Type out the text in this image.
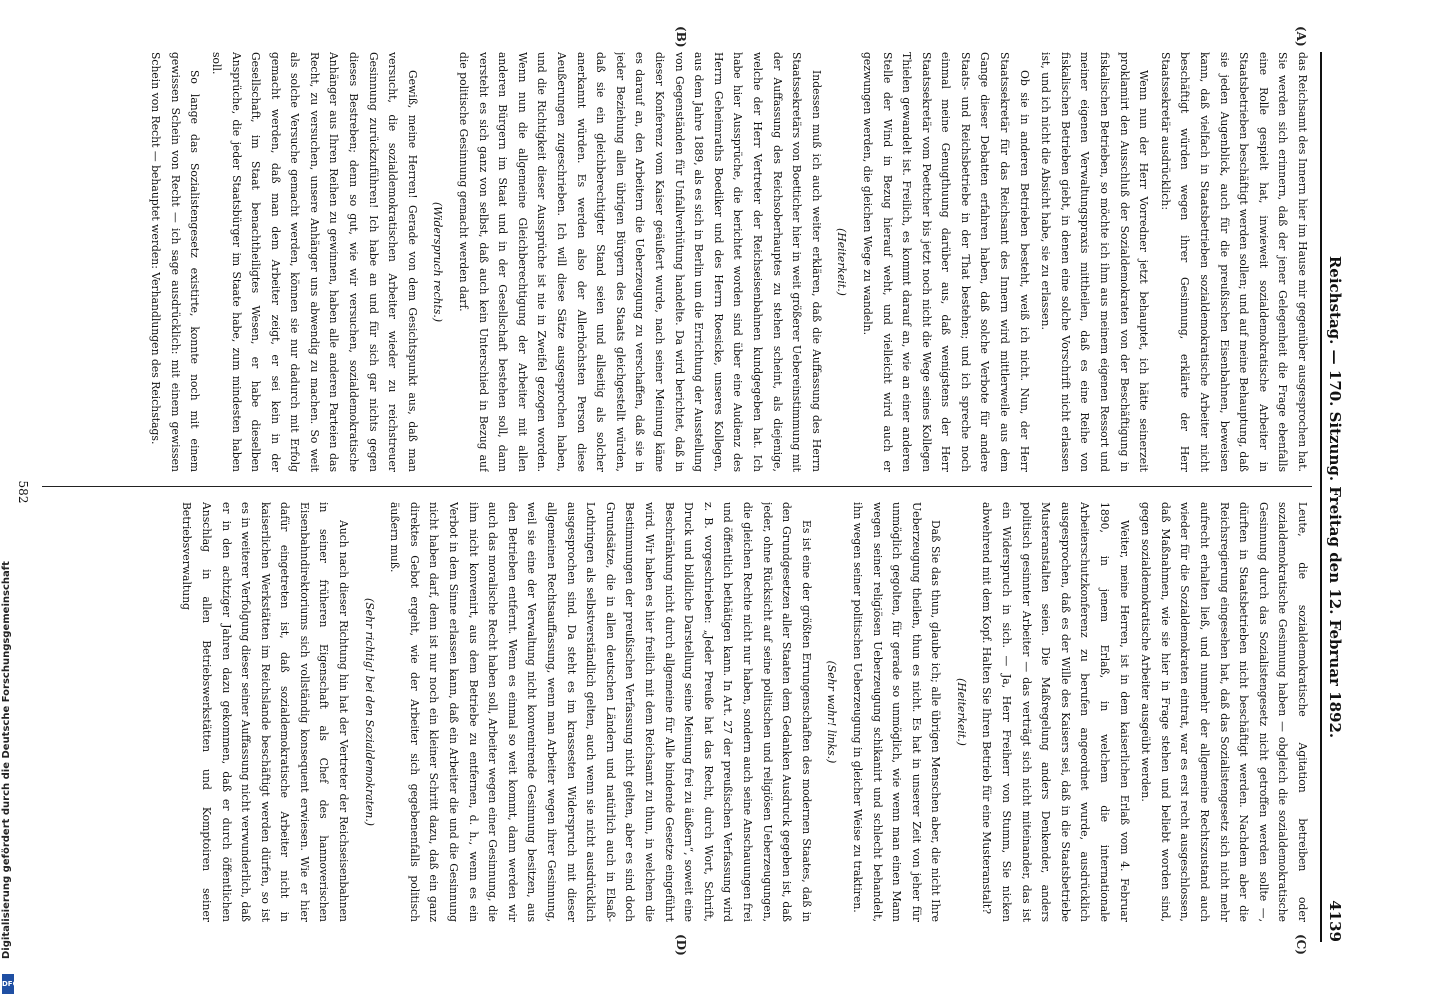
Reichstag. — 170. Sitzung. Freitag den 12. Februar 1892.
4139
(A)
(B)
(C)
(D)

das Reichsamt des Innern hier im Hause mir gegenüber ausgesprochen hat. Sie werden sich erinnern, daß der jener Gelegenheit die Frage ebenfalls eine Rolle gespielt hat, inwieweit sozialdemokratische Arbeiter in Staatsbetrieben beschäftigt werden sollen; und auf meine Behauptung, daß sie jeden Augenblick, auch für die preußischen Eisenbahnen, beweisen kann, daß vielfach in Staatsbetrieben sozialdemokratische Arbeiter nicht beschäftigt würden wegen ihrer Gesinnung, erklärte der Herr Staatssekretär ausdrücklich:

Wenn nun der Herr Vorredner jetzt behauptet, ich hätte seinerzeit proklamirt den Ausschluß der Sozialdemokraten von der Beschäftigung in fiskalischen Betrieben, so möchte ich ihm aus meinem eigenen Ressort und meiner eigenen Verwaltungspraxis mittheilen, daß es eine Reihe von fiskalischen Betrieben giebt, in denen eine solche Vorschrift nicht erlassen ist, und ich nicht die Absicht habe, sie zu erlassen.

Ob sie in anderen Betrieben besteht, weiß ich nicht. Nun, der Herr Staatssekretär für das Reichsamt des Innern wird mittlerweile aus dem Gange dieser Debatten erfahren haben, daß solche Verbote für andere Staats- und Reichsbetriebe in der That bestehen; und ich spreche noch einmal meine Genugthuung darüber aus, daß wenigstens der Herr Staatssekretär vom Poettcher bis jetzt noch nicht die Wege seines Kollegen Thielen gewandelt ist. Freilich, es kommt darauf an, wie an einer anderen Stelle der Wind in Bezug hierauf weht, und vielleicht wird auch er gezwungen werden, die gleichen Wege zu wandeln.

(Heiterkeit.)

Indessen muß ich auch weiter erklären, daß die Auffassung des Herrn Staatssekretärs von Boetticher hier in weit größerer Uebereinstimmung mit der Auffassung des Reichsoberhauptes zu stehen scheint, als diejenige, welche der Herr Vertreter der Reichseisenbahnen kundgegeben hat. Ich habe hier Aussprüche, die berichtet worden sind über eine Audienz des Herrn Geheimraths Boediker und des Herrn Roesicke, unseres Kollegen, aus dem Jahre 1889, als es sich in Berlin um die Errichtung der Ausstellung von Gegenständen für Unfallverhütung handelte. Da wird berichtet, daß in dieser Konferenz vom Kaiser geäußert wurde, nach seiner Meinung käme es darauf an, den Arbeitern die Ueberzeugung zu verschaffen, daß sie in jeder Beziehung allen übrigen Bürgern des Staats gleichgestellt würden, daß sie ein gleichberechtigter Stand seien und allseitig als solcher anerkannt würden. Es werden also der Allerhöchsten Person diese Aeußerungen zugeschrieben. Ich will diese Sätze ausgesprochen haben, und die Richtigkeit dieser Aussprüche ist nie in Zweifel gezogen worden. Wenn nun die allgemeine Gleichberechtigung der Arbeiter mit allen anderen Bürgern im Staat und in der Gesellschaft bestehen soll, dann versteht es sich ganz von selbst, daß auch kein Unterschied in Bezug auf die politische Gesinnung gemacht werden darf.

(Widerspruch rechts.)

Gewiß, meine Herren! Gerade von dem Gesichtspunkt aus, daß man versucht, die sozialdemokratischen Arbeiter wieder zu reichstreuer Gesinnung zurückzuführen! Ich habe an und für sich gar nichts gegen dieses Bestreben; denn so gut, wie wir versuchen, sozialdemokratische Anhänger aus Ihren Reihen zu gewinnen, haben alle anderen Parteien das Recht, zu versuchen, unsere Anhänger uns abwendig zu machen. So weit als solche Versuche gemacht werden, können sie nur dadurch mit Erfolg gemacht werden, daß man dem Arbeiter zeigt, er sei kein in der Gesellschaft, im Staat benachtheiligtes Wesen, er habe dieselben Ansprüche, die jeder Staatsbürger im Staate habe, zum mindesten haben soll.

So lange das Sozialistengesetz existirte, konnte noch mit einem gewissen Schein von Recht — ich sage ausdrücklich: mit einem gewissen Schein von Recht — behauptet werden: Verhandlungen des Reichstags.

Leute, die sozialdemokratische Agitation betreiben oder sozialdemokratische Gesinnung haben — obgleich die sozialdemokratische Gesinnung durch das Sozialistengesetz nicht getroffen werden sollte —, dürften in Staatsbetrieben nicht beschäftigt werden. Nachdem aber die Reichsregierung eingesehen hat, daß das Sozialistengesetz sich nicht mehr aufrecht erhalten ließ, und nunmehr der allgemeine Rechtszustand auch wieder für die Sozialdemokraten eintrat, war es erst recht ausgeschlossen, daß Maßnahmen, wie sie hier in Frage stehen und beliebt worden sind, gegen sozialdemokratische Arbeiter ausgeübt werden.

Weiter, meine Herren, ist in dem kaiserlichen Erlaß vom 4. Februar 1890, in jenem Erlaß, in welchem die internationale Arbeiterschutzkonferenz zu berufen angeordnet wurde, ausdrücklich ausgesprochen, daß es der Wille des Kaisers sei, daß in die Staatsbetriebe Musteranstalten seien. Die Maßregelung anders Denkender, anders politisch gesinnter Arbeiter — das verträgt sich nicht miteinander, das ist ein Widerspruch in sich. — Ja, Herr Freiherr von Stumm, Sie nicken abwehrend mit dem Kopf. Halten Sie Ihren Betrieb für eine Musteranstalt?

(Heiterkeit.)

Daß Sie das thun, glaube ich; alle übrigen Menschen aber, die nicht Ihre Ueberzeugung theilen, thun es nicht. Es hat in unserer Zeit von jeher für unmöglich gegolten, für gerade so unmöglich, wie wenn man einen Mann wegen seiner religiösen Ueberzeugung schikanirt und schlecht behandelt, ihn wegen seiner politischen Ueberzeugung in gleicher Weise zu traktiren.

(Sehr wahr! links.)

Es ist eine der größten Errungenschaften des modernen Staates, daß in den Grundgesetzen aller Staaten dem Gedanken Ausdruck gegeben ist, daß jeder, ohne Rücksicht auf seine politischen und religiösen Ueberzeugungen, die gleichen Rechte nicht nur haben, sondern auch seine Anschauungen frei und öffentlich bethätigen kann. In Art. 27 der preußischen Verfassung wird z. B. vorgeschrieben: „Jeder Preuße hat das Recht, durch Wort, Schrift, Druck und bildliche Darstellung seine Meinung frei zu äußern“, soweit eine Beschränkung nicht durch allgemeine für Alle bindende Gesetze eingeführt wird. Wir haben es hier freilich mit dem Reichsamt zu thun, in welchem die Bestimmungen der preußischen Verfassung nicht gelten, aber es sind doch Grundsätze, die in allen deutschen Ländern und natürlich auch in Elsaß-Lothringen als selbstverständlich gelten, auch wenn sie nicht ausdrücklich ausgesprochen sind. Da steht es im krassesten Widerspruch mit dieser allgemeinen Rechtsauffassung, wenn man Arbeiter wegen ihrer Gesinnung, weil sie eine der Verwaltung nicht konvenirende Gesinnung besitzen, aus den Betrieben entfernt. Wenn es einmal so weit kommt, dann werden wir auch das moralische Recht haben soll, Arbeiter wegen einer Gesinnung, die ihm nicht konvenirt, aus dem Betriebe zu entfernen, d. h., wenn es ein Verbot in dem Sinne erlassen kann, daß ein Arbeiter die und die Gesinnung nicht haben darf, denn ist nur noch ein kleiner Schritt dazu, daß ein ganz direktes Gebot ergeht, wie der Arbeiter sich gegebenenfalls politisch äußern muß.

(Sehr richtig! bei den Sozialdemokraten.)

Auch nach dieser Richtung hin hat der Vertreter der Reichseisenbahnen in seiner früheren Eigenschaft als Chef des hannoverischen Eisenbahndirektoriums sich vollständig konsequent erwiesen. Wie er hier dafür eingetreten ist, daß sozialdemokratische Arbeiter nicht in kaiserlichen Werkstätten im Reichslande beschäftigt werden dürfen, so ist es in weiterer Verfolgung dieser seiner Auffassung nicht verwunderlich, daß er in den achtziger Jahren dazu gekommen, daß er durch öffentlichen Anschlag in allen Betriebswerkstätten und Komptoiren seiner Betriebsverwaltung

582
Digitalisierung gefördert durch die Deutsche Forschungsgemeinschaft
DFG
